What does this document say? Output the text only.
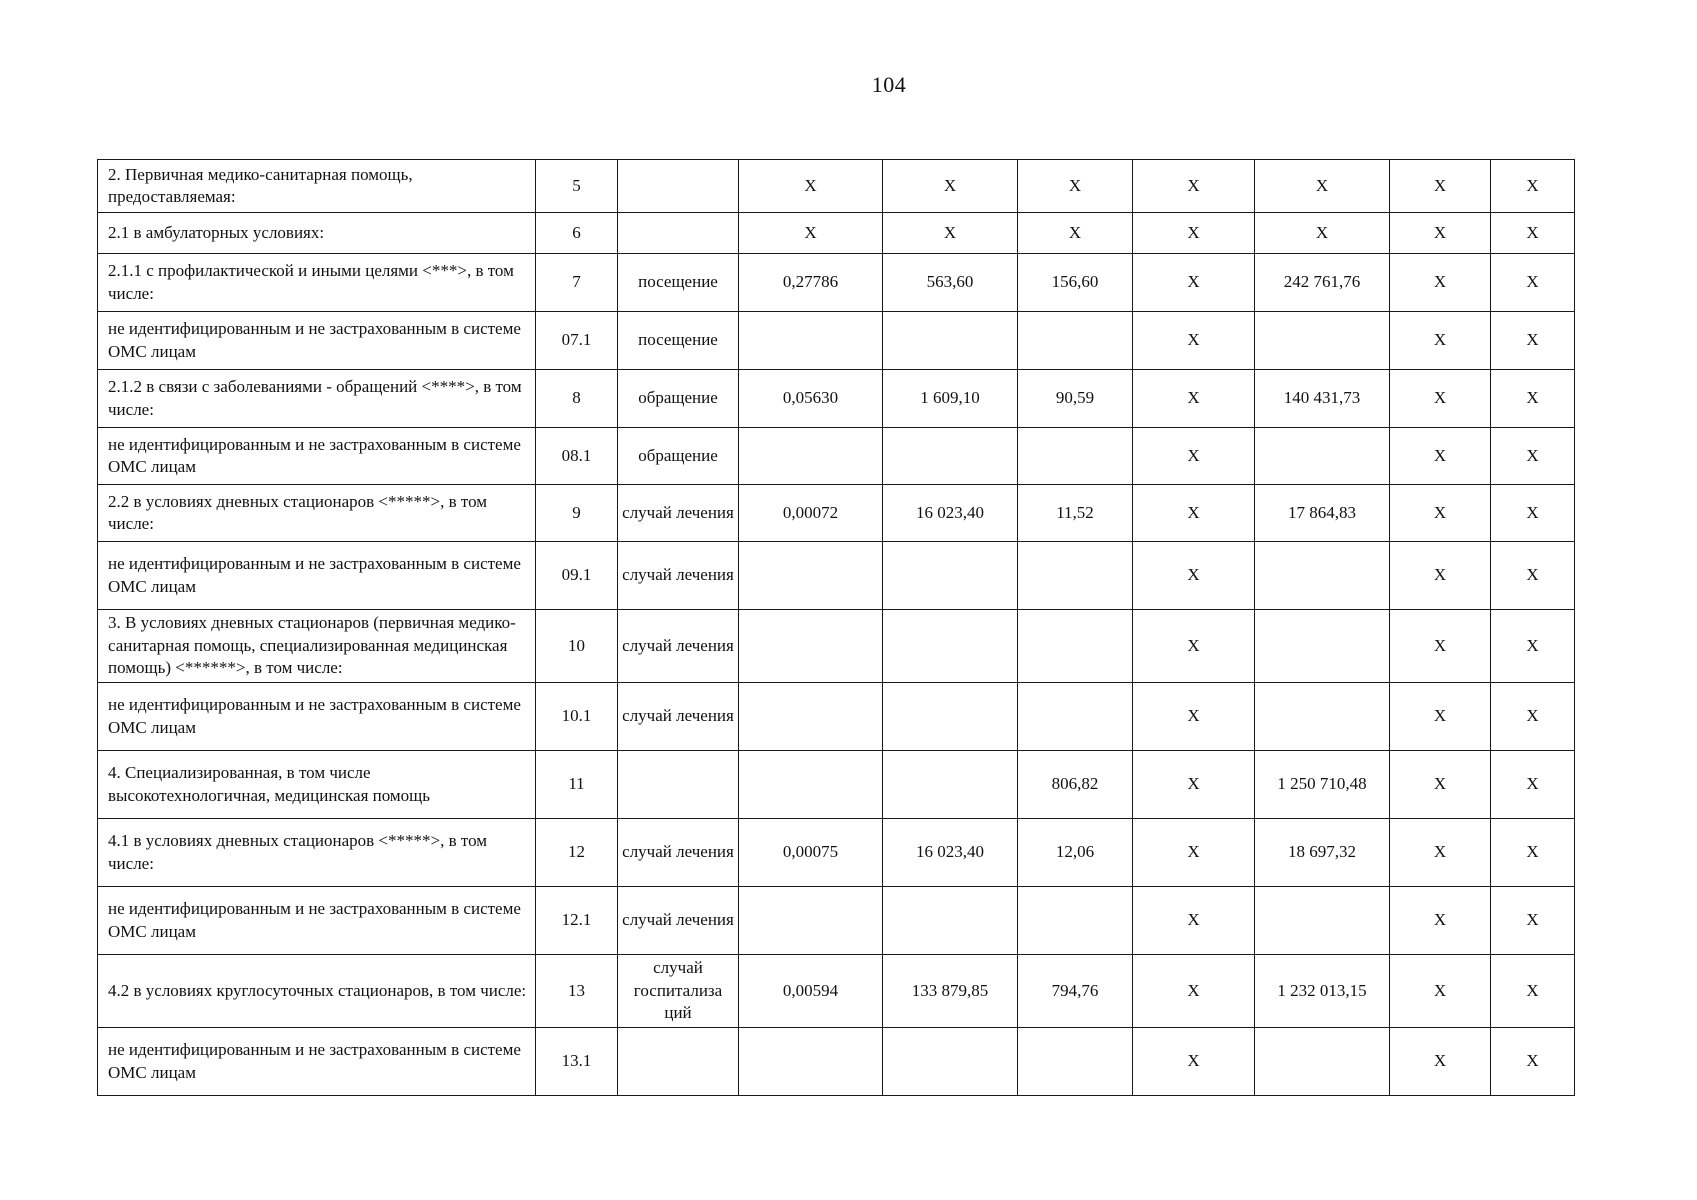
104
2. Первичная медико-санитарная помощь, предоставляемая:	5		X	X	X	X	X	X	X
2.1 в амбулаторных условиях:	6		X	X	X	X	X	X	X
2.1.1 с профилактической и иными целями <***>, в том числе:	7	посещение	0,27786	563,60	156,60	X	242 761,76	X	X
не идентифицированным и не застрахованным в системе ОМС лицам	07.1	посещение				X		X	X
2.1.2 в связи с заболеваниями - обращений <****>, в том числе:	8	обращение	0,05630	1 609,10	90,59	X	140 431,73	X	X
не идентифицированным и не застрахованным в системе ОМС лицам	08.1	обращение				X		X	X
2.2 в условиях дневных стационаров <*****>, в том числе:	9	случай лечения	0,00072	16 023,40	11,52	X	17 864,83	X	X
не идентифицированным и не застрахованным в системе ОМС лицам	09.1	случай лечения				X		X	X
3. В условиях дневных стационаров (первичная медико-санитарная помощь, специализированная медицинская помощь) <******>, в том числе:	10	случай лечения				X		X	X
не идентифицированным и не застрахованным в системе ОМС лицам	10.1	случай лечения				X		X	X
4. Специализированная, в том числе высокотехнологичная, медицинская помощь	11				806,82	X	1 250 710,48	X	X
4.1 в условиях дневных стационаров <*****>, в том числе:	12	случай лечения	0,00075	16 023,40	12,06	X	18 697,32	X	X
не идентифицированным и не застрахованным в системе ОМС лицам	12.1	случай лечения				X		X	X
4.2 в условиях круглосуточных стационаров, в том числе:	13	случай госпитализа ций	0,00594	133 879,85	794,76	X	1 232 013,15	X	X
не идентифицированным и не застрахованным в системе ОМС лицам	13.1					X		X	X
